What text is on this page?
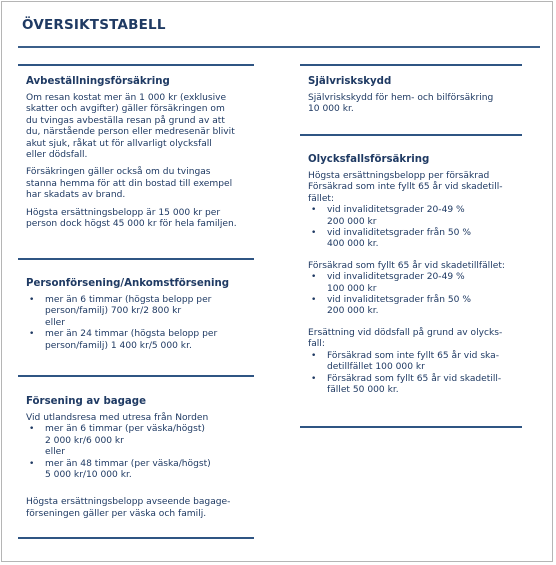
ÖVERSIKTSTABELL
Avbeställningsförsäkring

Om resan kostat mer än 1 000 kr (exklusive
skatter och avgifter) gäller försäkringen om
du tvingas avbeställa resan på grund av att
du, närstående person eller medresenär blivit
akut sjuk, råkat ut för allvarligt olycksfall
eller dödsfall.

Försäkringen gäller också om du tvingas
stanna hemma för att din bostad till exempel
har skadats av brand.

Högsta ersättningsbelopp är 15 000 kr per
person dock högst 45 000 kr för hela familjen.

Personförsening/Ankomstförsening
• mer än 6 timmar (högsta belopp per
person/familj) 700 kr/2 800 kr
eller
• mer än 24 timmar (högsta belopp per
person/familj) 1 400 kr/5 000 kr.
Försening av bagage

Vid utlandsresa med utresa från Norden

• mer än 6 timmar (per väska/högst)
2 000 kr/6 000 kr
eller
• mer än 48 timmar (per väska/högst)
5 000 kr/10 000 kr.

Högsta ersättningsbelopp avseende bagage-
förseningen gäller per väska och familj.

Självriskskydd

Självriskskydd för hem- och bilförsäkring
10 000 kr.

Olycksfallsförsäkring

Högsta ersättningsbelopp per försäkrad

Försäkrad som inte fyllt 65 år vid skadetill-
fället:

• vid invaliditetsgrader 20-49 %
200 000 kr
• vid invaliditetsgrader från 50 %
400 000 kr.

Försäkrad som fyllt 65 år vid skadetillfället:

• vid invaliditetsgrader 20-49 %
100 000 kr
• vid invaliditetsgrader från 50 %
200 000 kr.

Ersättning vid dödsfall på grund av olycks-
fall:

• Försäkrad som inte fyllt 65 år vid ska-
detillfället 100 000 kr
• Försäkrad som fyllt 65 år vid skadetill-
fället 50 000 kr.
